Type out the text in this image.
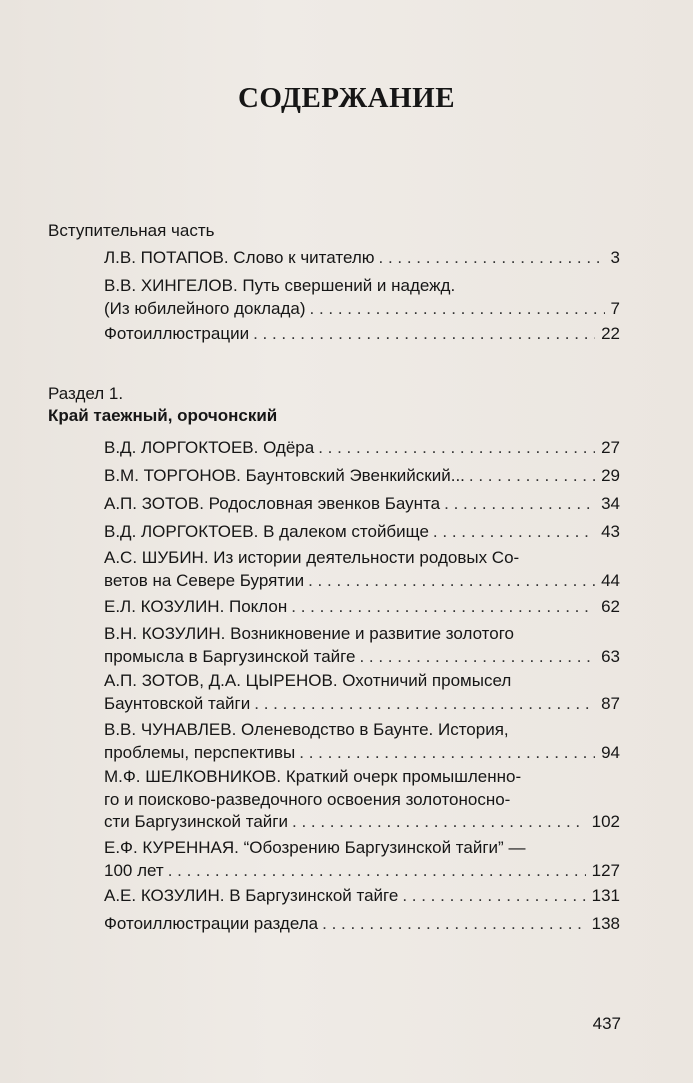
СОДЕРЖАНИЕ
Вступительная часть
Л.В. ПОТАПОВ. Слово к читателю . . .	3
В.В. ХИНГЕЛОВ. Путь свершений и надежд.
(Из юбилейного доклада) . . .	7
Фотоиллюстрации . . .	22
Раздел 1.
Край таежный, орочонский
В.Д. ЛОРГОКТОЕВ. Одёра . . .	27
В.М. ТОРГОНОВ. Баунтовский Эвенкийский... . . .	29
А.П. ЗОТОВ. Родословная эвенков Баунта . . .	34
В.Д. ЛОРГОКТОЕВ. В далеком стойбище . . .	43
А.С. ШУБИН. Из истории деятельности родовых Со-
ветов на Севере Бурятии . . .	44
Е.Л. КОЗУЛИН. Поклон . . .	62
В.Н. КОЗУЛИН. Возникновение и развитие золотого
промысла в Баргузинской тайге . . .	63
А.П. ЗОТОВ, Д.А. ЦЫРЕНОВ. Охотничий промысел
Баунтовской тайги . . .	87
В.В. ЧУНАВЛЕВ. Оленеводство в Баунте. История,
проблемы, перспективы . . .	94
М.Ф. ШЕЛКОВНИКОВ. Краткий очерк промышленно-
го и поисково-разведочного освоения золотоносно-
сти Баргузинской тайги . . .	102
Е.Ф. КУРЕННАЯ. “Обозрению Баргузинской тайги” —
100 лет . . .	127
А.Е. КОЗУЛИН. В Баргузинской тайге . . .	131
Фотоиллюстрации раздела . . .	138
437
